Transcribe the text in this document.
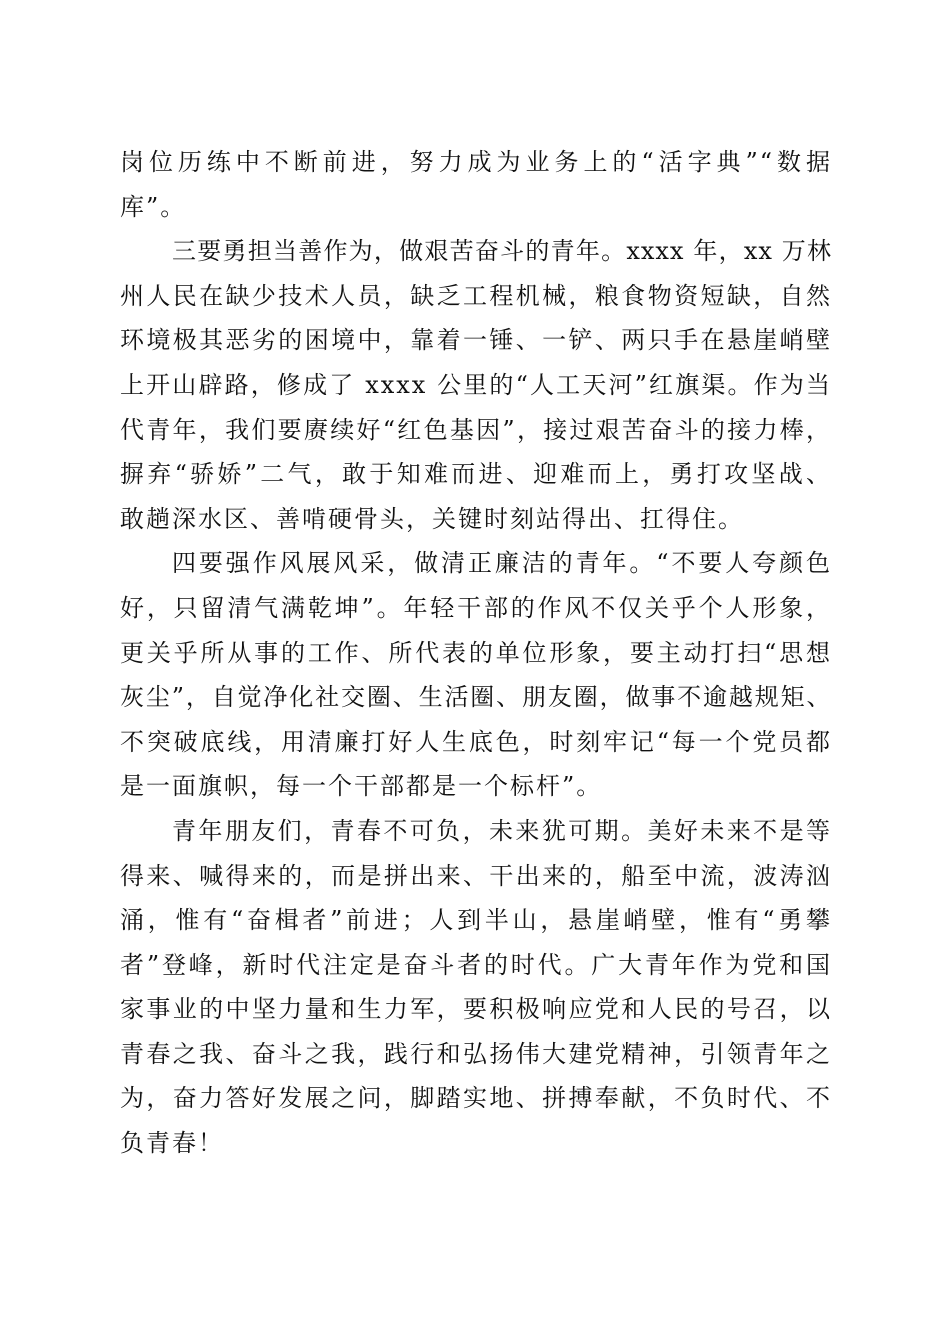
岗位历练中不断前进，努力成为业务上的“活字典”“数据
库”。
三要勇担当善作为，做艰苦奋斗的青年。xxxx 年，xx 万林
州人民在缺少技术人员，缺乏工程机械，粮食物资短缺，自然
环境极其恶劣的困境中，靠着一锤、一铲、两只手在悬崖峭壁
上开山辟路，修成了 xxxx 公里的“人工天河”红旗渠。作为当
代青年，我们要赓续好“红色基因”，接过艰苦奋斗的接力棒，
摒弃“骄娇”二气，敢于知难而进、迎难而上，勇打攻坚战、
敢趟深水区、善啃硬骨头，关键时刻站得出、扛得住。
四要强作风展风采，做清正廉洁的青年。“不要人夸颜色
好，只留清气满乾坤”。年轻干部的作风不仅关乎个人形象，
更关乎所从事的工作、所代表的单位形象，要主动打扫“思想
灰尘”，自觉净化社交圈、生活圈、朋友圈，做事不逾越规矩、
不突破底线，用清廉打好人生底色，时刻牢记“每一个党员都
是一面旗帜，每一个干部都是一个标杆”。
青年朋友们，青春不可负，未来犹可期。美好未来不是等
得来、喊得来的，而是拼出来、干出来的，船至中流，波涛汹
涌，惟有“奋楫者”前进；人到半山，悬崖峭壁，惟有“勇攀
者”登峰，新时代注定是奋斗者的时代。广大青年作为党和国
家事业的中坚力量和生力军，要积极响应党和人民的号召，以
青春之我、奋斗之我，践行和弘扬伟大建党精神，引领青年之
为，奋力答好发展之问，脚踏实地、拼搏奉献，不负时代、不
负青春！
